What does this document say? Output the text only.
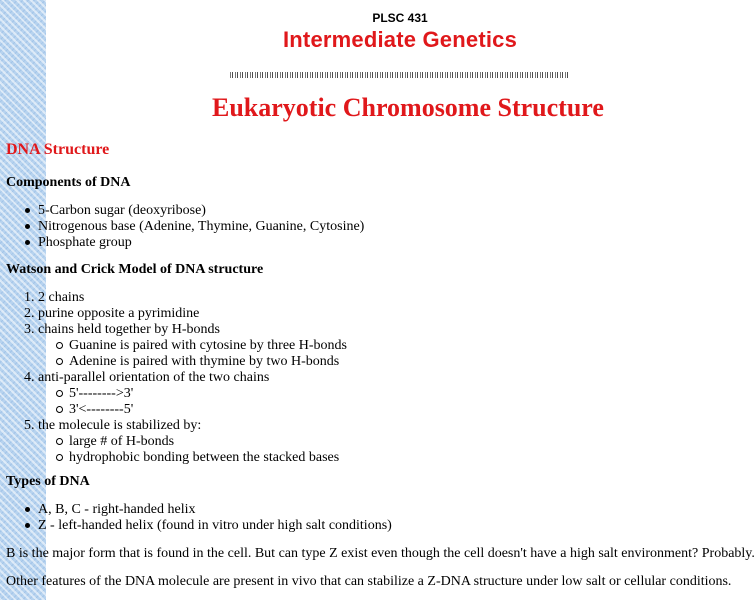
PLSC 431
Intermediate Genetics
Eukaryotic Chromosome Structure
DNA Structure
Components of DNA
5-Carbon sugar (deoxyribose)
Nitrogenous base (Adenine, Thymine, Guanine, Cytosine)
Phosphate group
Watson and Crick Model of DNA structure
1. 2 chains
2. purine opposite a pyrimidine
3. chains held together by H-bonds
Guanine is paired with cytosine by three H-bonds
Adenine is paired with thymine by two H-bonds
4. anti-parallel orientation of the two chains
5'-------->3'
3'<--------5'
5. the molecule is stabilized by:
large # of H-bonds
hydrophobic bonding between the stacked bases
Types of DNA
A, B, C - right-handed helix
Z - left-handed helix (found in vitro under high salt conditions)
B is the major form that is found in the cell. But can type Z exist even though the cell doesn't have a high salt environment? Probably.
Other features of the DNA molecule are present in vivo that can stabilize a Z-DNA structure under low salt or cellular conditions.
